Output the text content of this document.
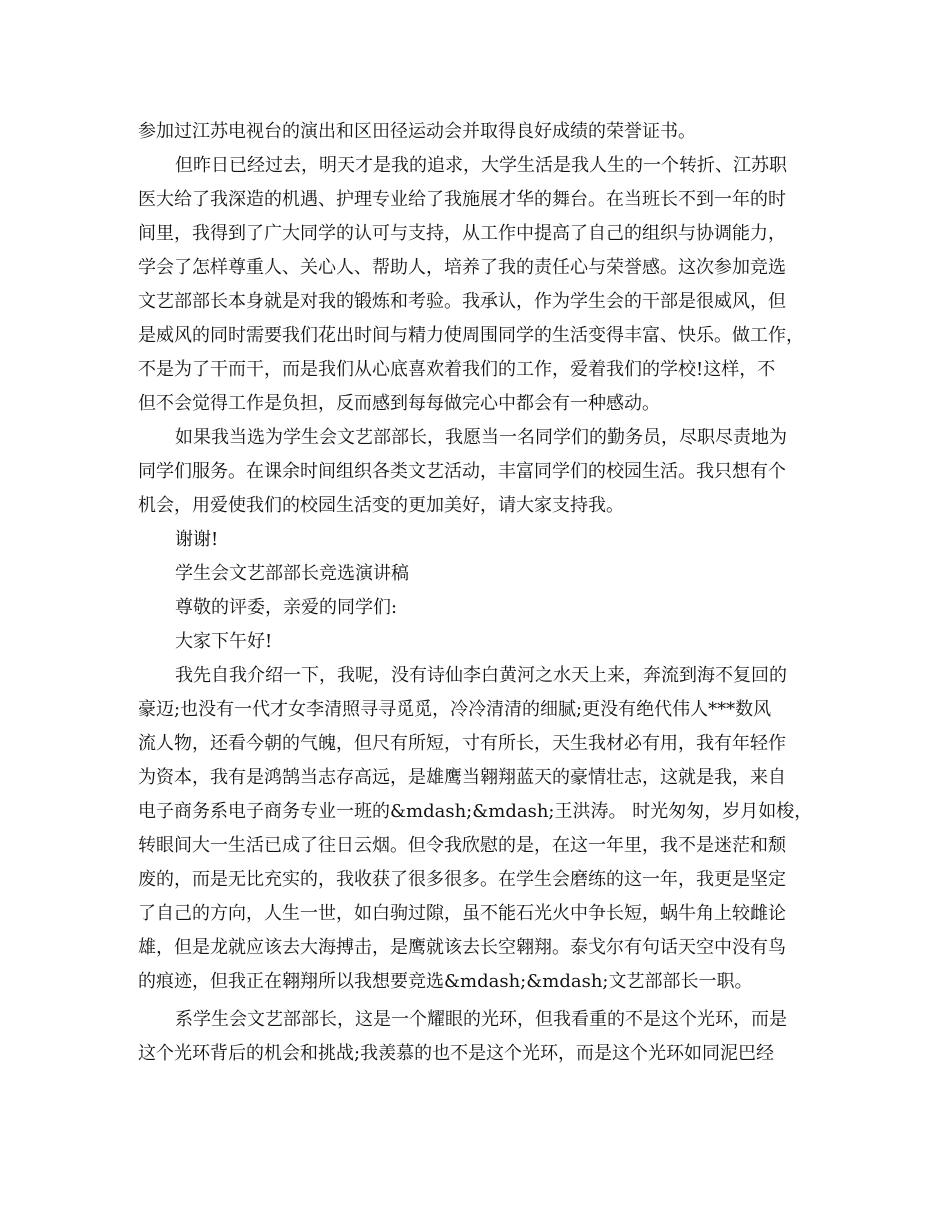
参加过江苏电视台的演出和区田径运动会并取得良好成绩的荣誉证书。
但昨日已经过去，明天才是我的追求，大学生活是我人生的一个转折、江苏职
医大给了我深造的机遇、护理专业给了我施展才华的舞台。在当班长不到一年的时
间里，我得到了广大同学的认可与支持，从工作中提高了自己的组织与协调能力，
学会了怎样尊重人、关心人、帮助人，培养了我的责任心与荣誉感。这次参加竞选
文艺部部长本身就是对我的锻炼和考验。我承认，作为学生会的干部是很威风，但
是威风的同时需要我们花出时间与精力使周围同学的生活变得丰富、快乐。做工作，
不是为了干而干，而是我们从心底喜欢着我们的工作，爱着我们的学校!这样，不
但不会觉得工作是负担，反而感到每每做完心中都会有一种感动。
如果我当选为学生会文艺部部长，我愿当一名同学们的勤务员，尽职尽责地为
同学们服务。在课余时间组织各类文艺活动，丰富同学们的校园生活。我只想有个
机会，用爱使我们的校园生活变的更加美好，请大家支持我。
谢谢!
学生会文艺部部长竞选演讲稿
尊敬的评委，亲爱的同学们:
大家下午好!
我先自我介绍一下，我呢，没有诗仙李白黄河之水天上来，奔流到海不复回的
豪迈;也没有一代才女李清照寻寻觅觅，冷冷清清的细腻;更没有绝代伟人***数风
流人物，还看今朝的气魄，但尺有所短，寸有所长，天生我材必有用，我有年轻作
为资本，我有是鸿鹄当志存高远，是雄鹰当翱翔蓝天的豪情壮志，这就是我，来自
电子商务系电子商务专业一班的&mdash;&mdash;王洪涛。 时光匆匆，岁月如梭，
转眼间大一生活已成了往日云烟。但令我欣慰的是，在这一年里，我不是迷茫和颓
废的，而是无比充实的，我收获了很多很多。在学生会磨练的这一年，我更是坚定
了自己的方向，人生一世，如白驹过隙，虽不能石光火中争长短，蜗牛角上较雌论
雄，但是龙就应该去大海搏击，是鹰就该去长空翱翔。泰戈尔有句话天空中没有鸟
的痕迹，但我正在翱翔所以我想要竞选&mdash;&mdash;文艺部部长一职。
系学生会文艺部部长，这是一个耀眼的光环，但我看重的不是这个光环，而是
这个光环背后的机会和挑战;我羡慕的也不是这个光环，而是这个光环如同泥巴经
